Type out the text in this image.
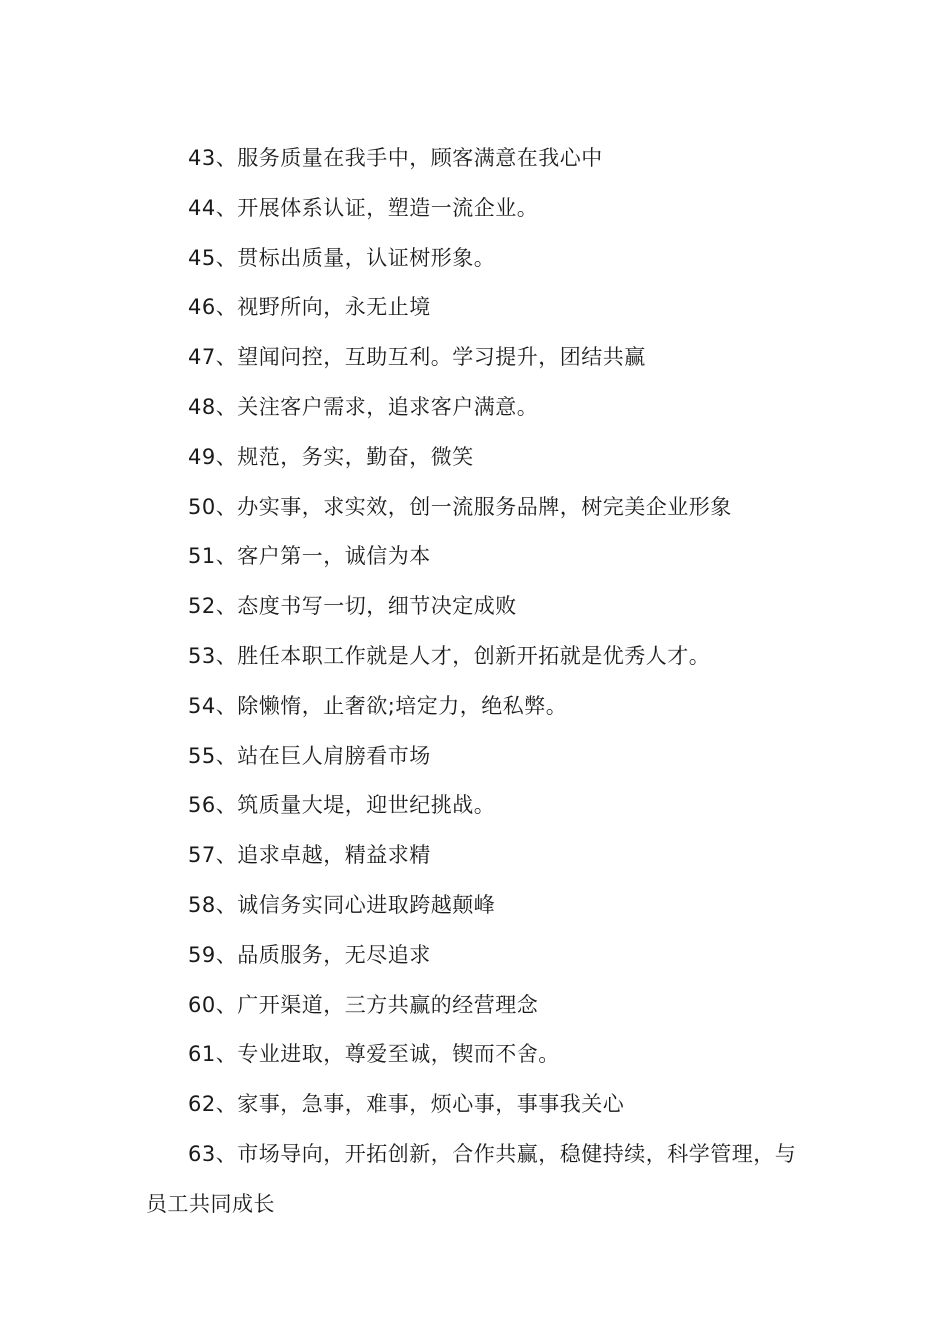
43、服务质量在我手中，顾客满意在我心中
44、开展体系认证，塑造一流企业。
45、贯标出质量，认证树形象。
46、视野所向，永无止境
47、望闻问控，互助互利。学习提升，团结共赢
48、关注客户需求，追求客户满意。
49、规范，务实，勤奋，微笑
50、办实事，求实效，创一流服务品牌，树完美企业形象
51、客户第一，诚信为本
52、态度书写一切，细节决定成败
53、胜任本职工作就是人才，创新开拓就是优秀人才。
54、除懒惰，止奢欲;培定力，绝私弊。
55、站在巨人肩膀看市场
56、筑质量大堤，迎世纪挑战。
57、追求卓越，精益求精
58、诚信务实同心进取跨越颠峰
59、品质服务，无尽追求
60、广开渠道，三方共赢的经营理念
61、专业进取，尊爱至诚，锲而不舍。
62、家事，急事，难事，烦心事，事事我关心
63、市场导向，开拓创新，合作共赢，稳健持续，科学管理，与员工共同成长
